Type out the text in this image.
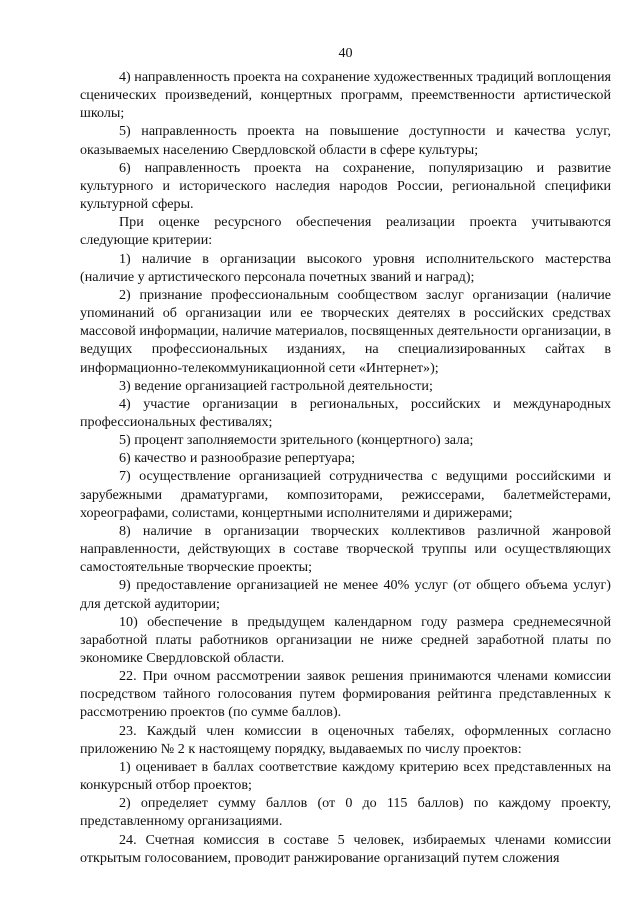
40

4) направленность проекта на сохранение художественных традиций воплощения сценических произведений, концертных программ, преемственности артистической школы;

5) направленность проекта на повышение доступности и качества услуг, оказываемых населению Свердловской области в сфере культуры;

6) направленность проекта на сохранение, популяризацию и развитие культурного и исторического наследия народов России, региональной специфики культурной сферы.

При оценке ресурсного обеспечения реализации проекта учитываются следующие критерии:

1) наличие в организации высокого уровня исполнительского мастерства (наличие у артистического персонала почетных званий и наград);

2) признание профессиональным сообществом заслуг организации (наличие упоминаний об организации или ее творческих деятелях в российских средствах массовой информации, наличие материалов, посвященных деятельности организации, в ведущих профессиональных изданиях, на специализированных сайтах в информационно-телекоммуникационной сети «Интернет»);

3) ведение организацией гастрольной деятельности;

4) участие организации в региональных, российских и международных профессиональных фестивалях;

5) процент заполняемости зрительного (концертного) зала;

6) качество и разнообразие репертуара;

7) осуществление организацией сотрудничества с ведущими российскими и зарубежными драматургами, композиторами, режиссерами, балетмейстерами, хореографами, солистами, концертными исполнителями и дирижерами;

8) наличие в организации творческих коллективов различной жанровой направленности, действующих в составе творческой труппы или осуществляющих самостоятельные творческие проекты;

9) предоставление организацией не менее 40% услуг (от общего объема услуг) для детской аудитории;

10) обеспечение в предыдущем календарном году размера среднемесячной заработной платы работников организации не ниже средней заработной платы по экономике Свердловской области.

22. При очном рассмотрении заявок решения принимаются членами комиссии посредством тайного голосования путем формирования рейтинга представленных к рассмотрению проектов (по сумме баллов).

23. Каждый член комиссии в оценочных табелях, оформленных согласно приложению № 2 к настоящему порядку, выдаваемых по числу проектов:

1) оценивает в баллах соответствие каждому критерию всех представленных на конкурсный отбор проектов;

2) определяет сумму баллов (от 0 до 115 баллов) по каждому проекту, представленному организациями.

24. Счетная комиссия в составе 5 человек, избираемых членами комиссии открытым голосованием, проводит ранжирование организаций путем сложения
